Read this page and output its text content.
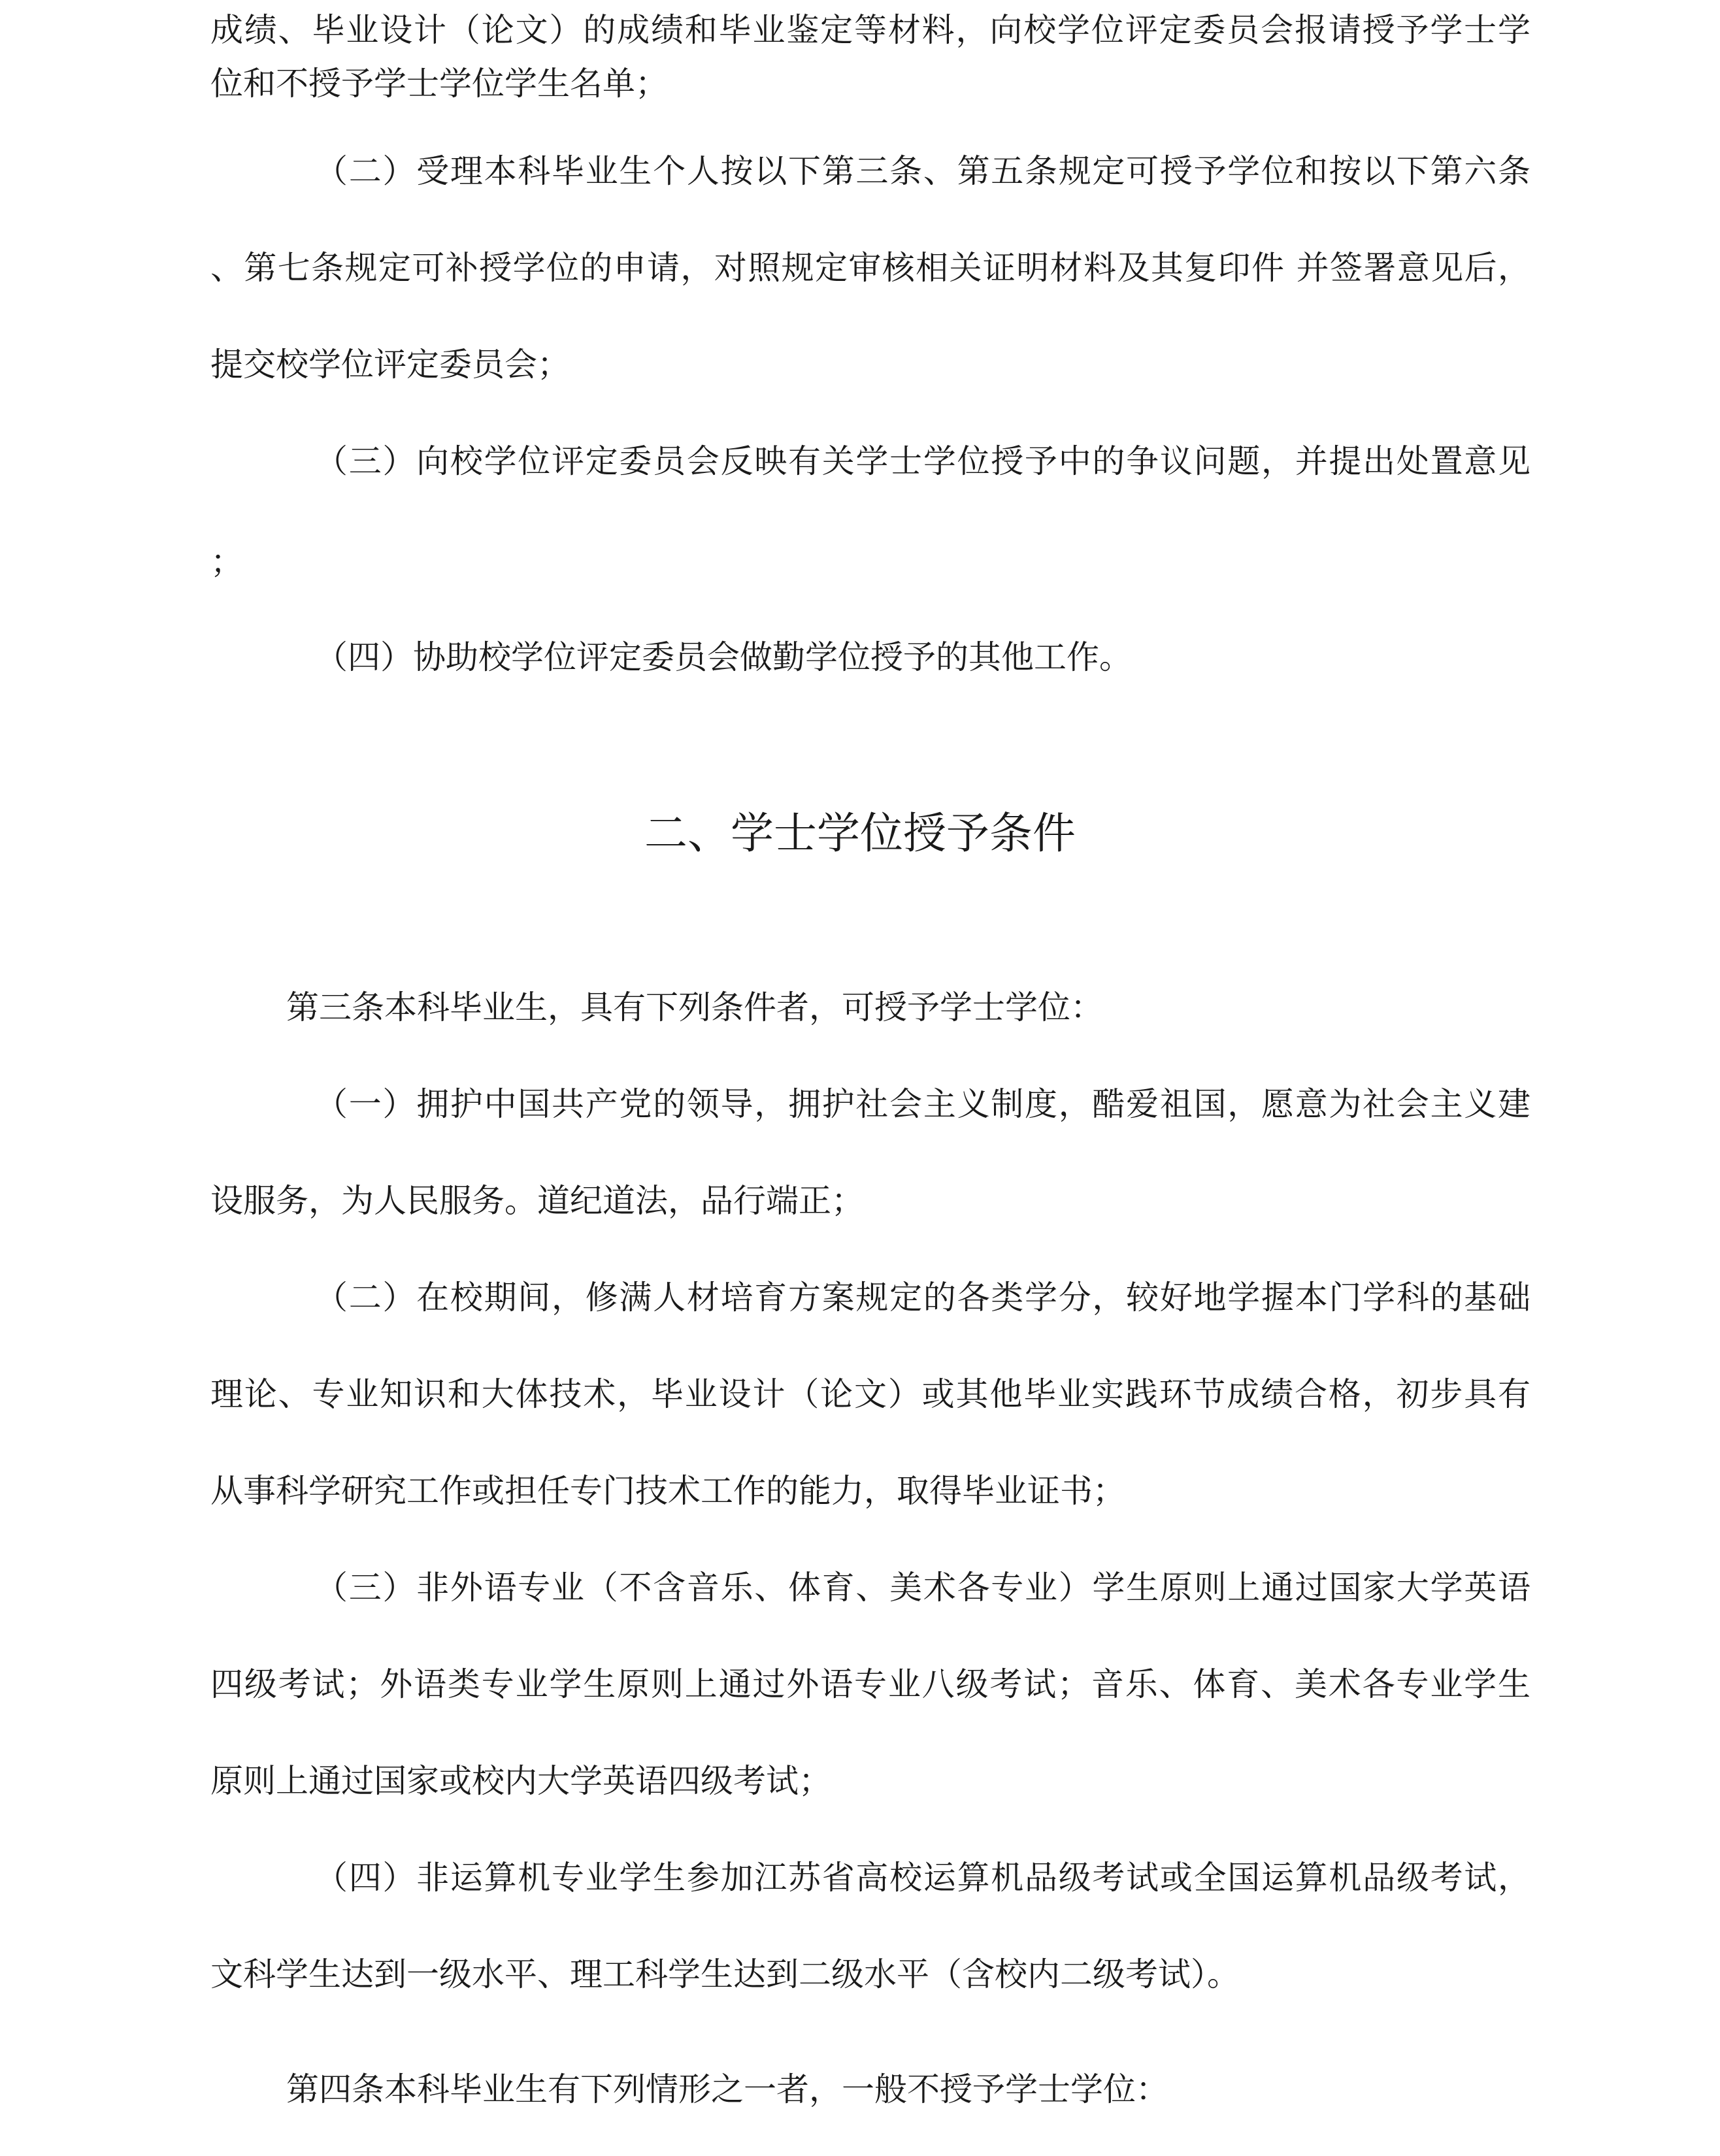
成绩、毕业设计（论文）的成绩和毕业鉴定等材料，向校学位评定委员会报请授予学士学
位和不授予学士学位学生名单；
（二）受理本科毕业生个人按以下第三条、第五条规定可授予学位和按以下第六条
、第七条规定可补授学位的申请，对照规定审核相关证明材料及其复印件 并签署意见后，
提交校学位评定委员会；
（三）向校学位评定委员会反映有关学士学位授予中的争议问题，并提出处置意见
；
（四）协助校学位评定委员会做勤学位授予的其他工作。
二、学士学位授予条件
第三条本科毕业生，具有下列条件者，可授予学士学位：
（一）拥护中国共产党的领导，拥护社会主义制度，酷爱祖国，愿意为社会主义建
设服务，为人民服务。道纪道法，品行端正；
（二）在校期间，修满人材培育方案规定的各类学分，较好地学握本门学科的基础
理论、专业知识和大体技术，毕业设计（论文）或其他毕业实践环节成绩合格，初步具有
从事科学研究工作或担任专门技术工作的能力，取得毕业证书；
（三）非外语专业（不含音乐、体育、美术各专业）学生原则上通过国家大学英语
四级考试；外语类专业学生原则上通过外语专业八级考试；音乐、体育、美术各专业学生
原则上通过国家或校内大学英语四级考试；
（四）非运算机专业学生参加江苏省高校运算机品级考试或全国运算机品级考试，
文科学生达到一级水平、理工科学生达到二级水平（含校内二级考试）。
第四条本科毕业生有下列情形之一者，一般不授予学士学位：
